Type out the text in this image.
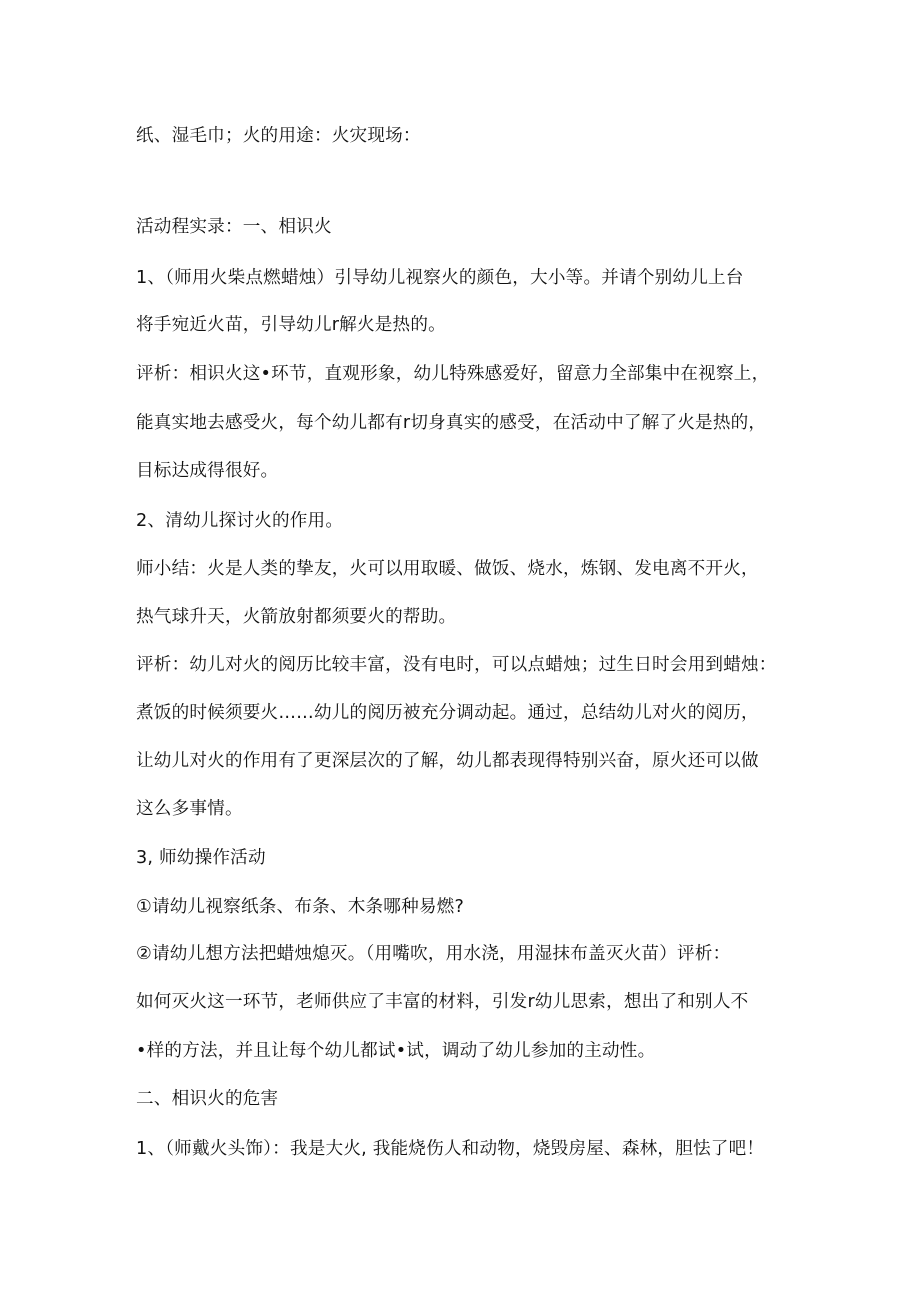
纸、湿毛巾；火的用途：火灾现场：
活动程实录：一、相识火
1、（师用火柴点燃蜡烛）引导幼儿视察火的颜色，大小等。并请个别幼儿上台
将手宛近火苗，引导幼儿r解火是热的。
评析：相识火这•环节，直观形象，幼儿特殊感爱好，留意力全部集中在视察上，
能真实地去感受火，每个幼儿都有r切身真实的感受，在活动中了解了火是热的，
目标达成得很好。
2、清幼儿探讨火的作用。
师小结：火是人类的挚友，火可以用取暖、做饭、烧水，炼钢、发电离不开火，
热气球升天，火箭放射都须要火的帮助。
评析：幼儿对火的阅历比较丰富，没有电时，可以点蜡烛；过生日时会用到蜡烛：
煮饭的时候须要火……幼儿的阅历被充分调动起。通过，总结幼儿对火的阅历，
让幼儿对火的作用有了更深层次的了解，幼儿都表现得特别兴奋，原火还可以做
这么多事情。
3, 师幼操作活动
①请幼儿视察纸条、布条、木条哪种易燃?
②请幼儿想方法把蜡烛熄灭。（用嘴吹，用水浇，用湿抹布盖灭火苗）评析：
如何灭火这一环节，老师供应了丰富的材料，引发r幼儿思索，想出了和别人不
•样的方法，并且让每个幼儿都试•试，调动了幼儿参加的主动性。
二、相识火的危害
1、（师戴火头饰）：我是大火, 我能烧伤人和动物，烧毁房屋、森林，胆怯了吧！
